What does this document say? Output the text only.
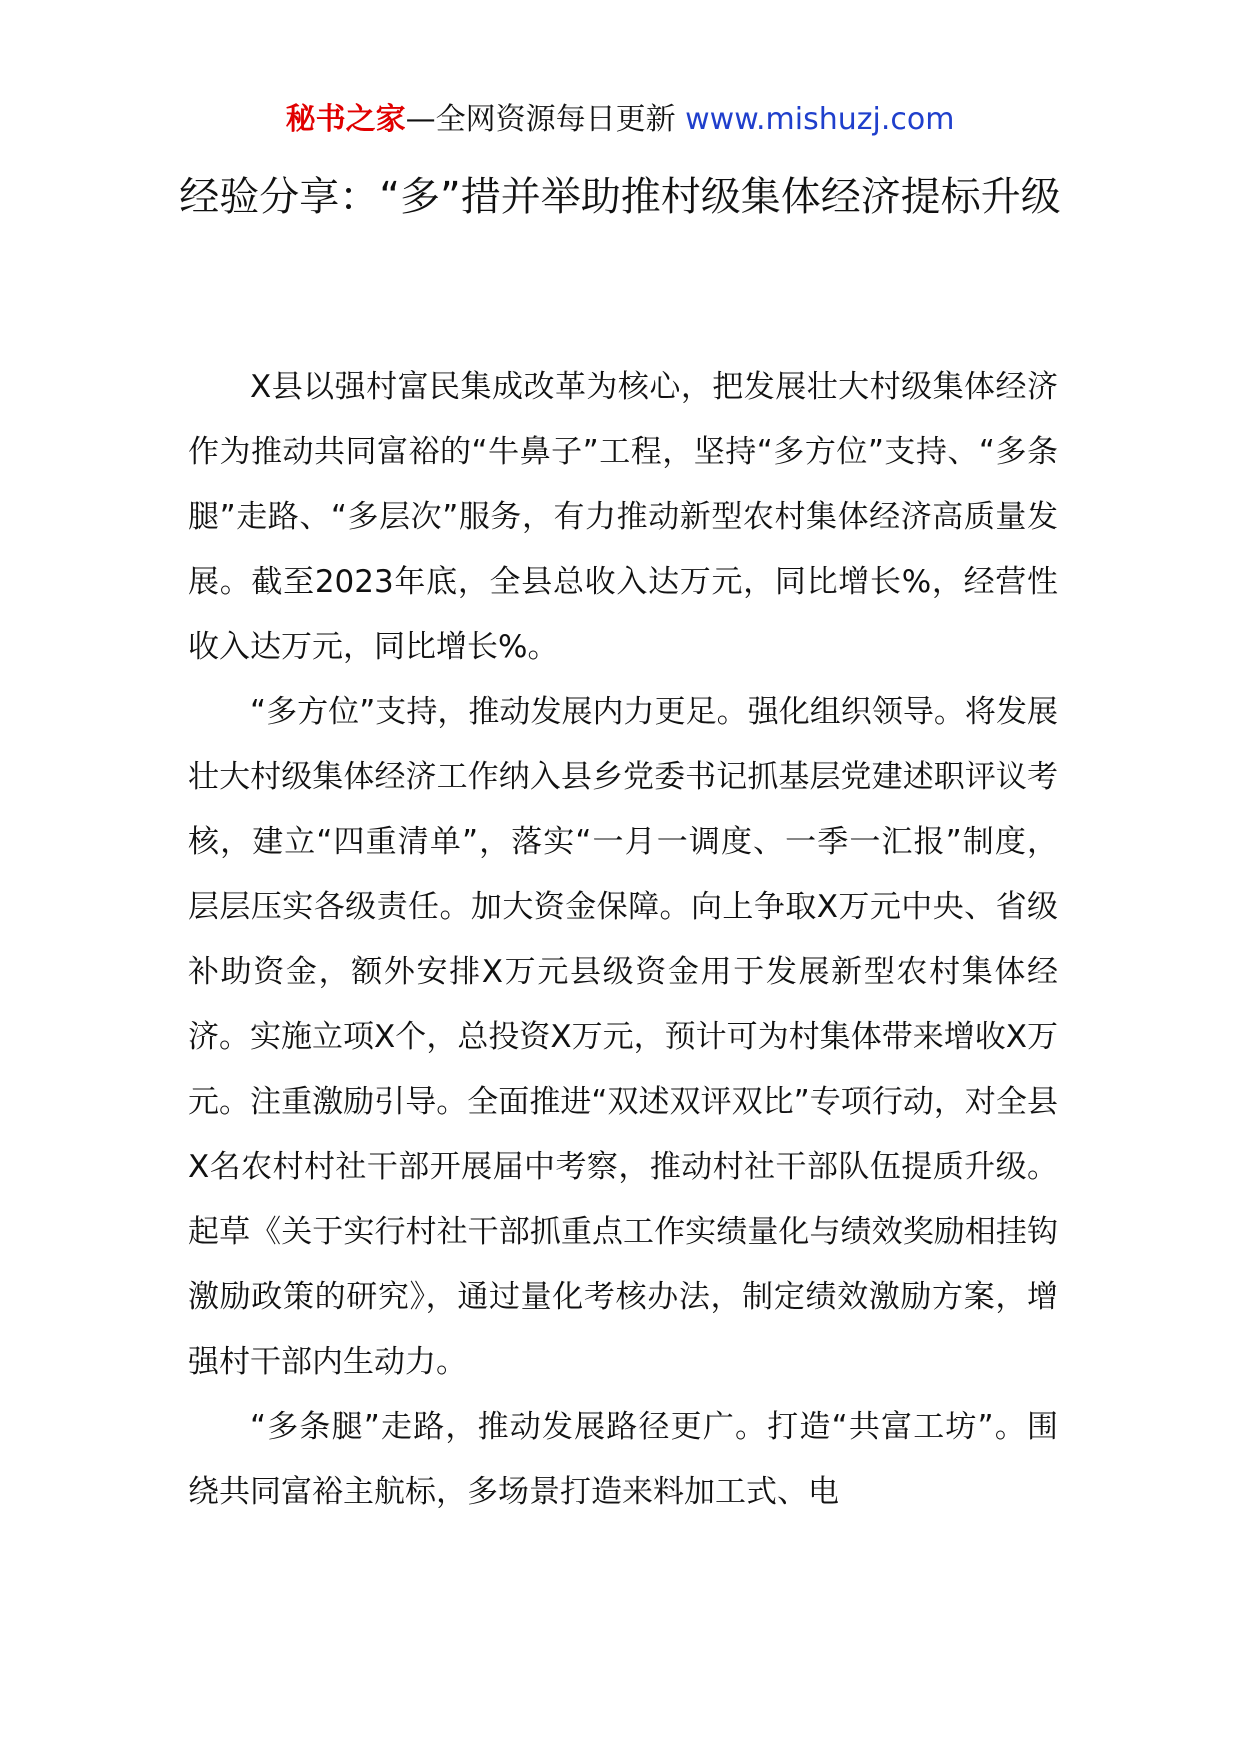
秘书之家—全网资源每日更新 www.mishuzj.com
经验分享：“多”措并举助推村级集体经济提标升级

X县以强村富民集成改革为核心，把发展壮大村级集体经济作为推动共同富裕的“牛鼻子”工程，坚持“多方位”支持、“多条腿”走路、“多层次”服务，有力推动新型农村集体经济高质量发展。截至2023年底，全县总收入达万元，同比增长%，经营性收入达万元，同比增长%。

“多方位”支持，推动发展内力更足。强化组织领导。将发展壮大村级集体经济工作纳入县乡党委书记抓基层党建述职评议考核，建立“四重清单”，落实“一月一调度、一季一汇报”制度，层层压实各级责任。加大资金保障。向上争取X万元中央、省级补助资金，额外安排X万元县级资金用于发展新型农村集体经济。实施立项X个，总投资X万元，预计可为村集体带来增收X万元。注重激励引导。全面推进“双述双评双比”专项行动，对全县X名农村村社干部开展届中考察，推动村社干部队伍提质升级。起草《关于实行村社干部抓重点工作实绩量化与绩效奖励相挂钩激励政策的研究》，通过量化考核办法，制定绩效激励方案，增强村干部内生动力。

“多条腿”走路，推动发展路径更广。打造“共富工坊”。围绕共同富裕主航标，多场景打造来料加工式、电
